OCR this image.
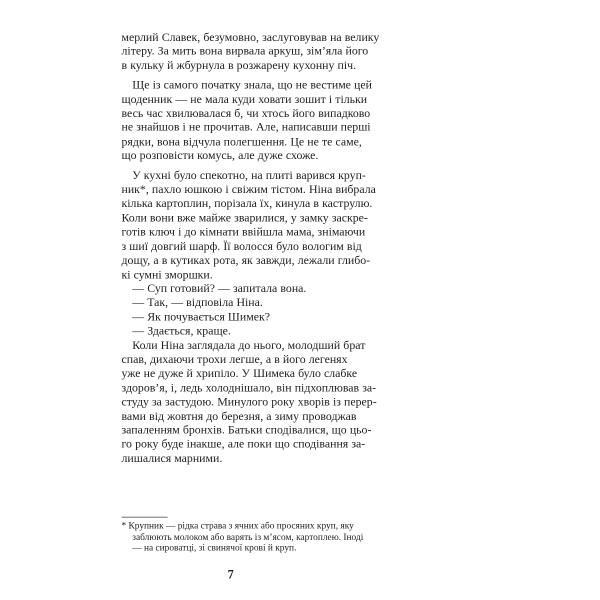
мерлий Славек, безумовно, заслуговував на велику
літеру. За мить вона вирвала аркуш, зім’яла його
в кульку й жбурнула в розжарену кухонну піч.
Ще із самого початку знала, що не вестиме цей
щоденник — не мала куди ховати зошит і тільки
весь час хвилювалася б, чи хтось його випадково
не знайшов і не прочитав. Але, написавши перші
рядки, вона відчула полегшення. Це не те саме,
що розповісти комусь, але дуже схоже.
У кухні було спекотно, на плиті варився круп-
ник*, пахло юшкою і свіжим тістом. Ніна вибрала
кілька картоплин, порізала їх, кинула в каструлю.
Коли вони вже майже зварилися, у замку заскре-
готів ключ і до кімнати ввійшла мама, знімаючи
з шиї довгий шарф. Її волосся було вологим від
дощу, а в кутиках рота, як завжди, лежали глибо-
кі сумні зморшки.
— Суп готовий? — запитала вона.
— Так, — відповіла Ніна.
— Як почувається Шимек?
— Здається, краще.
Коли Ніна заглядала до нього, молодший брат
спав, дихаючи трохи легше, а в його легенях
уже не дуже й хрипіло. У Шимека було слабке
здоров’я, і, ледь холоднішало, він підхоплював за-
студу за застудою. Минулого року хворів із перер-
вами від жовтня до березня, а зиму проводжав
запаленням бронхів. Батьки сподівалися, що цьо-
го року буде інакше, але поки що сподівання за-
лишалися марними.
* Крупник — рідка страва з ячних або просяних круп, яку
заблюють молоком або варять із м’ясом, картоплею. Іноді
— на сироватці, зі свинячої крові й круп.
7
